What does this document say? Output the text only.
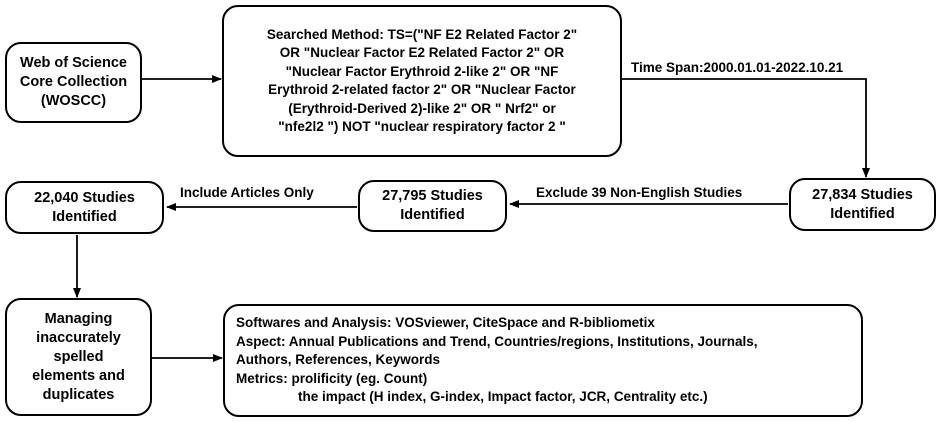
Web of Science
Core Collection
(WOSCC)
Searched Method: TS=("NF E2 Related Factor 2"
OR "Nuclear Factor E2 Related Factor 2" OR
"Nuclear Factor Erythroid 2-like 2" OR "NF
Erythroid 2-related factor 2" OR "Nuclear Factor
(Erythroid-Derived 2)-like 2" OR " Nrf2" or
"nfe2l2 ") NOT "nuclear respiratory factor 2 "
Time Span:2000.01.01-2022.10.21
27,834 Studies
Identified
Exclude 39 Non-English Studies
27,795 Studies
Identified
Include Articles Only
22,040 Studies
Identified
Managing
inaccurately
spelled
elements and
duplicates
Softwares and Analysis: VOSviewer, CiteSpace and R-bibliometix
Aspect: Annual Publications and Trend, Countries/regions, Institutions, Journals,
Authors, References, Keywords
Metrics: prolificity (eg. Count)
the impact (H index, G-index, Impact factor, JCR, Centrality etc.)
